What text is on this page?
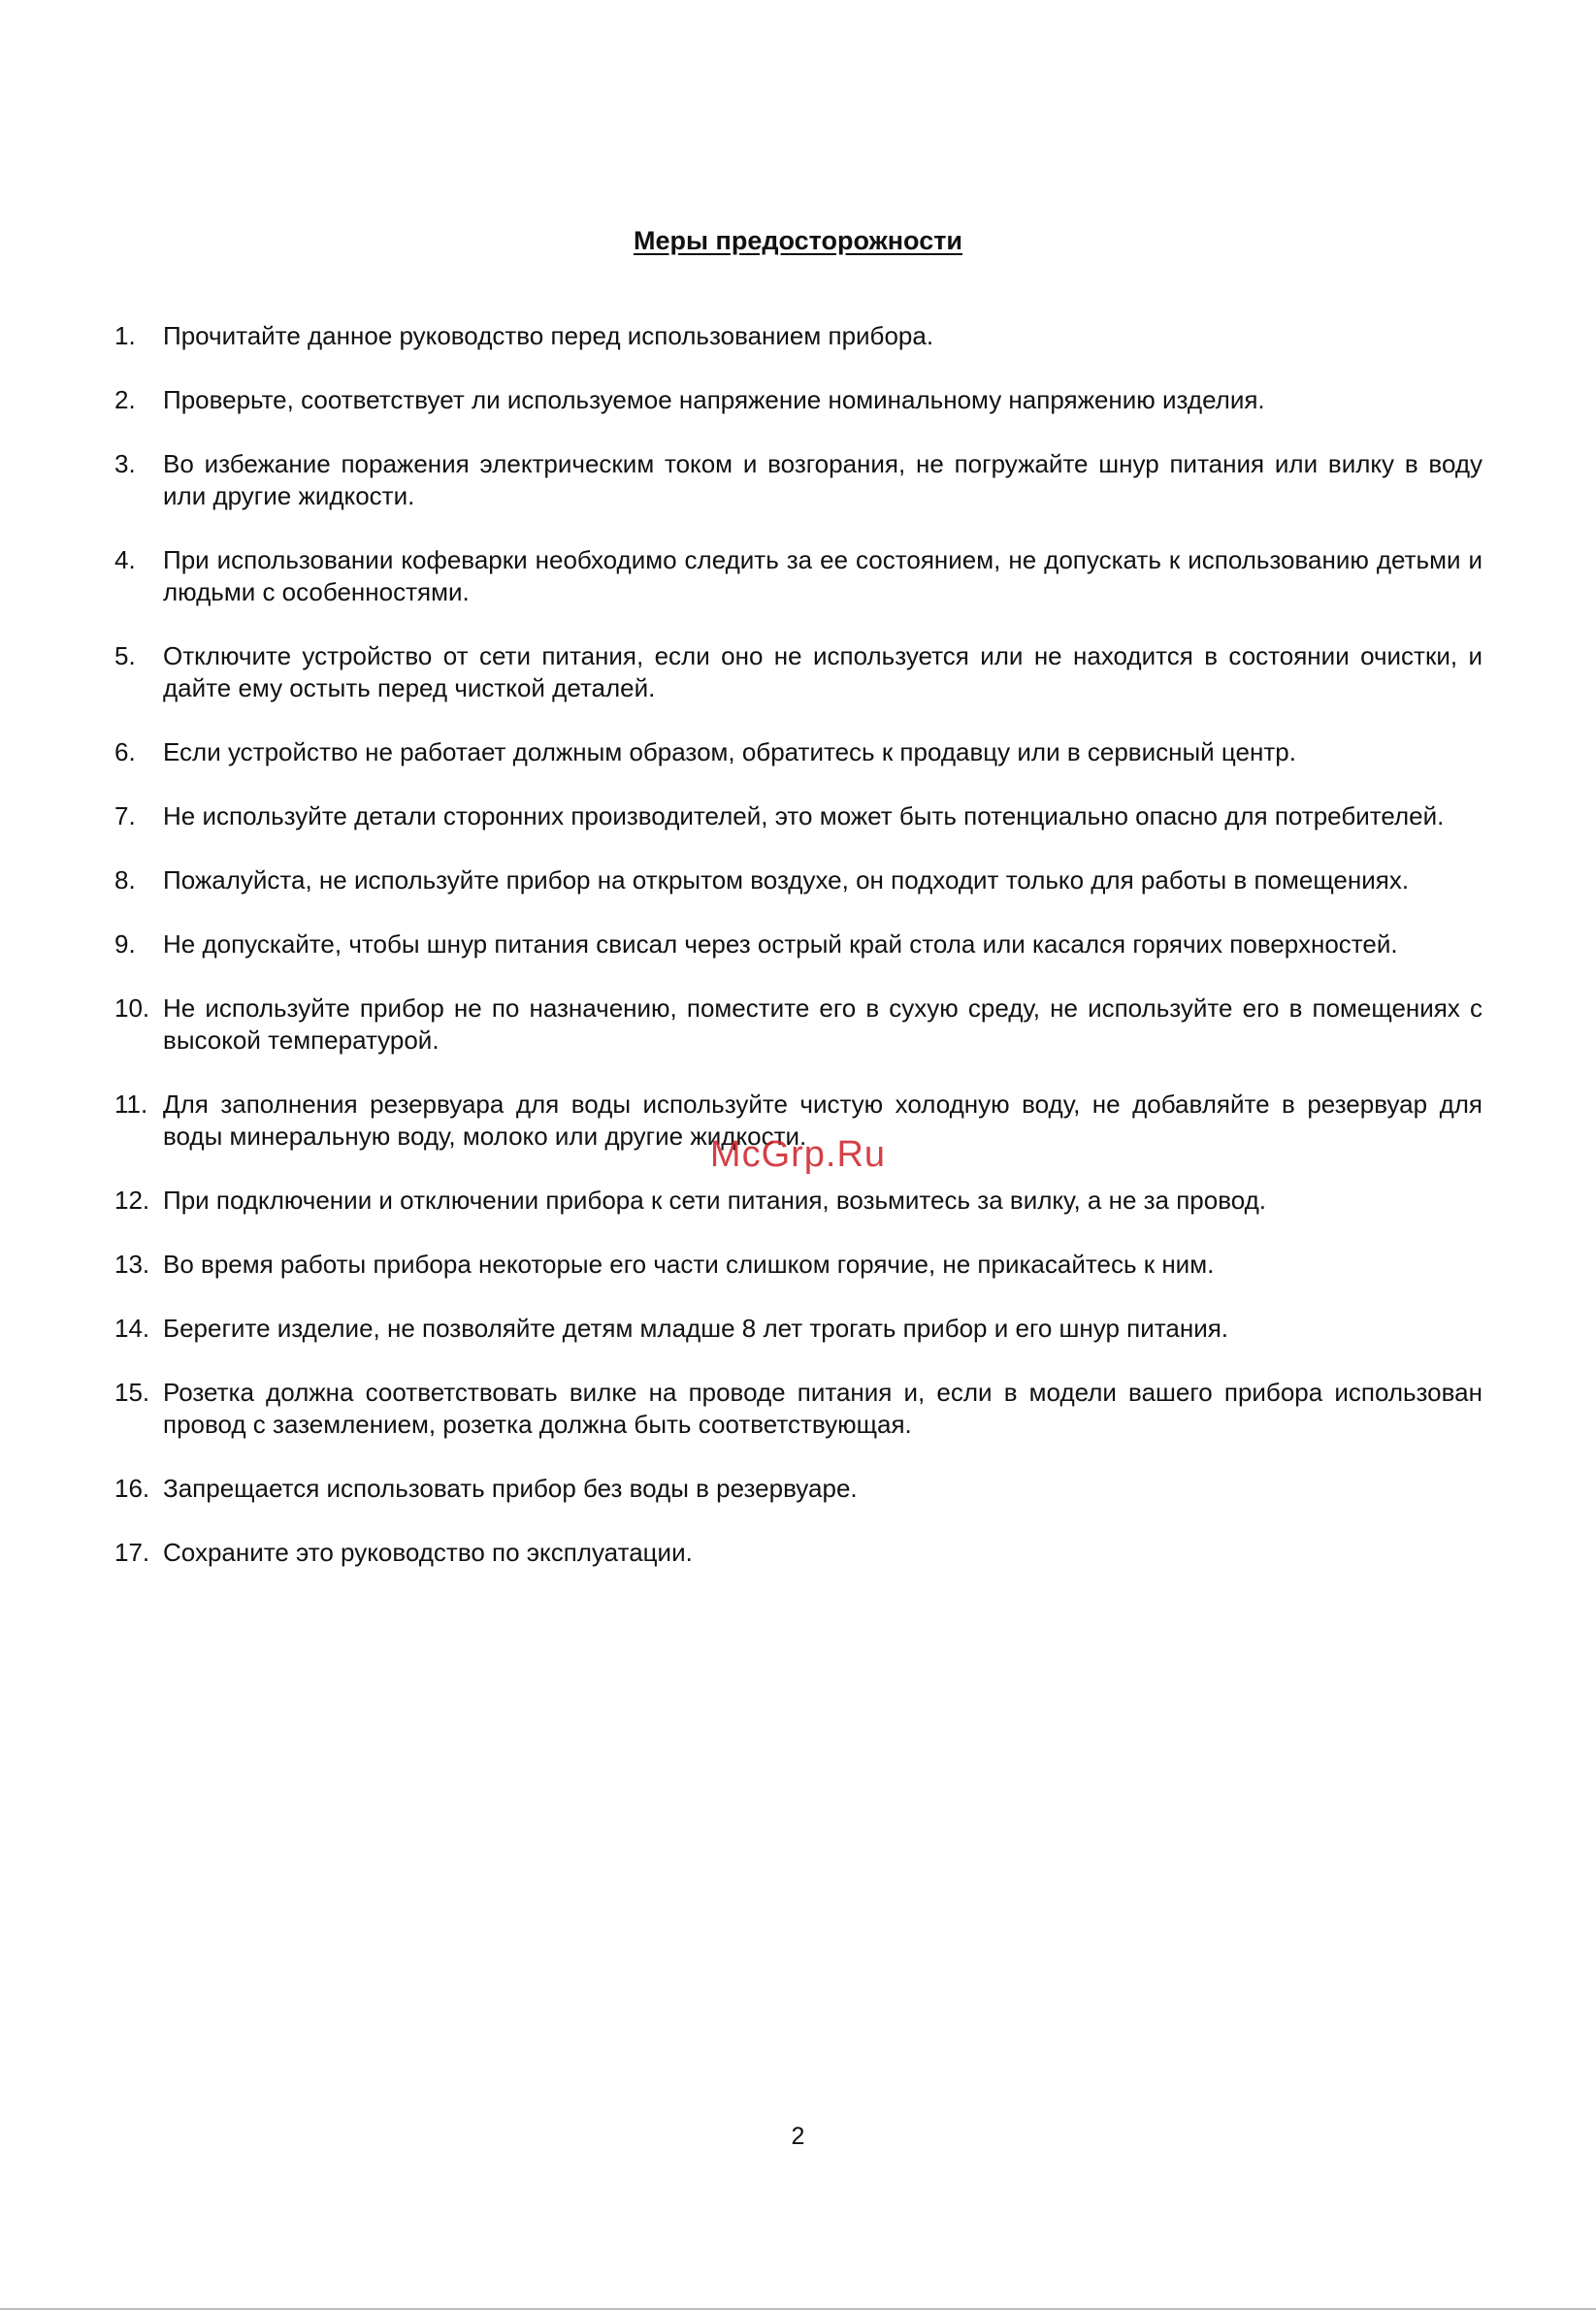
Меры предосторожности
1.	Прочитайте данное руководство перед использованием прибора.
2.	Проверьте, соответствует ли используемое напряжение номинальному напряжению изделия.
3.	Во избежание поражения электрическим током и возгорания, не погружайте шнур питания или вилку в воду или другие жидкости.
4.	При использовании кофеварки необходимо следить за ее состоянием, не допускать к использованию детьми и людьми с особенностями.
5.	Отключите устройство от сети питания, если оно не используется или не находится в состоянии очистки, и дайте ему остыть перед чисткой деталей.
6.	Если устройство не работает должным образом, обратитесь к продавцу или в сервисный центр.
7.	Не используйте детали сторонних производителей, это может быть потенциально опасно для потребителей.
8.	Пожалуйста, не используйте прибор на открытом воздухе, он подходит только для работы в помещениях.
9.	Не допускайте, чтобы шнур питания свисал через острый край стола или касался горячих поверхностей.
10. Не используйте прибор не по назначению, поместите его в сухую среду, не используйте его в помещениях с высокой температурой.
11. Для заполнения резервуара для воды используйте чистую холодную воду, не добавляйте в резервуар для воды минеральную воду, молоко или другие жидкости.
12. При подключении и отключении прибора к сети питания, возьмитесь за вилку, а не за провод.
13. Во время работы прибора некоторые его части слишком горячие, не прикасайтесь к ним.
14. Берегите изделие, не позволяйте детям младше 8 лет трогать прибор и его шнур питания.
15. Розетка должна соответствовать вилке на проводе питания и, если в модели вашего прибора использован провод с заземлением, розетка должна быть соответствующая.
16. Запрещается использовать прибор без воды в резервуаре.
17. Сохраните это руководство по эксплуатации.
McGrp.Ru
2
